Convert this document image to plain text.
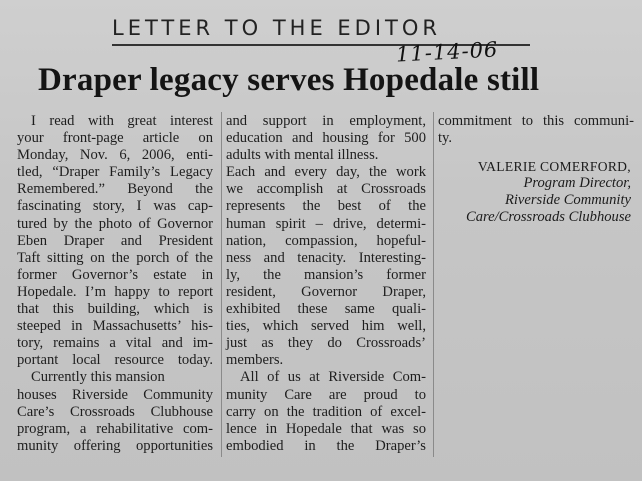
LETTER TO THE EDITOR
11-14-06
Draper legacy serves Hopedale still
I read with great interest
your front-page article on
Monday, Nov. 6, 2006, enti-
tled, “Draper Family’s Legacy
Remembered.” Beyond the
fascinating story, I was cap-
tured by the photo of Governor
Eben Draper and President
Taft sitting on the porch of the
former Governor’s estate in
Hopedale. I’m happy to report
that this building, which is
steeped in Massachusetts’ his-
tory, remains a vital and im-
portant local resource today.
Currently this mansion
houses Riverside Community
Care’s Crossroads Clubhouse
program, a rehabilitative com-
munity offering opportunities
and support in employment,
education and housing for 500
adults with mental illness.
Each and every day, the work
we accomplish at Crossroads
represents the best of the
human spirit – drive, determi-
nation, compassion, hopeful-
ness and tenacity. Interesting-
ly, the mansion’s former
resident, Governor Draper,
exhibited these same quali-
ties, which served him well,
just as they do Crossroads’
members.
All of us at Riverside Com-
munity Care are proud to
carry on the tradition of excel-
lence in Hopedale that was so
embodied in the Draper’s
commitment to this communi-
ty.
VALERIE COMERFORD,
Program Director,
Riverside Community
Care/Crossroads Clubhouse
